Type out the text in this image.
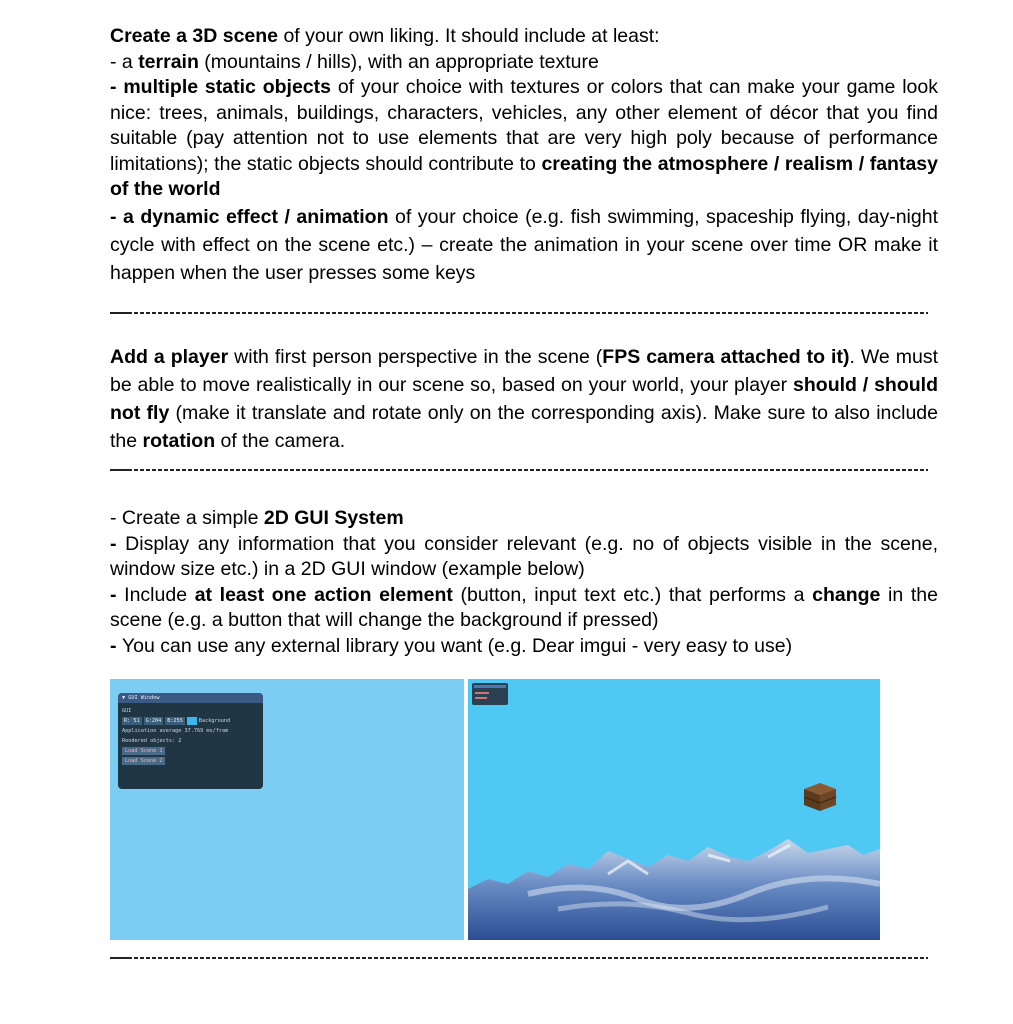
Create a 3D scene of your own liking. It should include at least:

- a terrain (mountains / hills), with an appropriate texture

- multiple static objects of your choice with textures or colors that can make your game look nice: trees, animals, buildings, characters, vehicles, any other element of décor that you find suitable (pay attention not to use elements that are very high poly because of performance limitations); the static objects should contribute to creating the atmosphere / realism / fantasy of the world

- a dynamic effect / animation of your choice (e.g. fish swimming, spaceship flying, day-night cycle with effect on the scene etc.) – create the animation in your scene over time OR make it happen when the user presses some keys

Add a player with first person perspective in the scene (FPS camera attached to it). We must be able to move realistically in our scene so, based on your world, your player should / should not fly (make it translate and rotate only on the corresponding axis). Make sure to also include the rotation of the camera.

- Create a simple 2D GUI System

- Display any information that you consider relevant (e.g. no of objects visible in the scene, window size etc.) in a 2D GUI window (example below)

- Include at least one action element (button, input text etc.) that performs a change in the scene (e.g. a button that will change the background if pressed)

- You can use any external library you want (e.g. Dear imgui - very easy to use)

▼ GUI Window
GUI
R: 51 G:204 B:255	Background
Application average 37.769 ms/fram
Rendered objects: 2
Load Scene 1
Load Scene 2
